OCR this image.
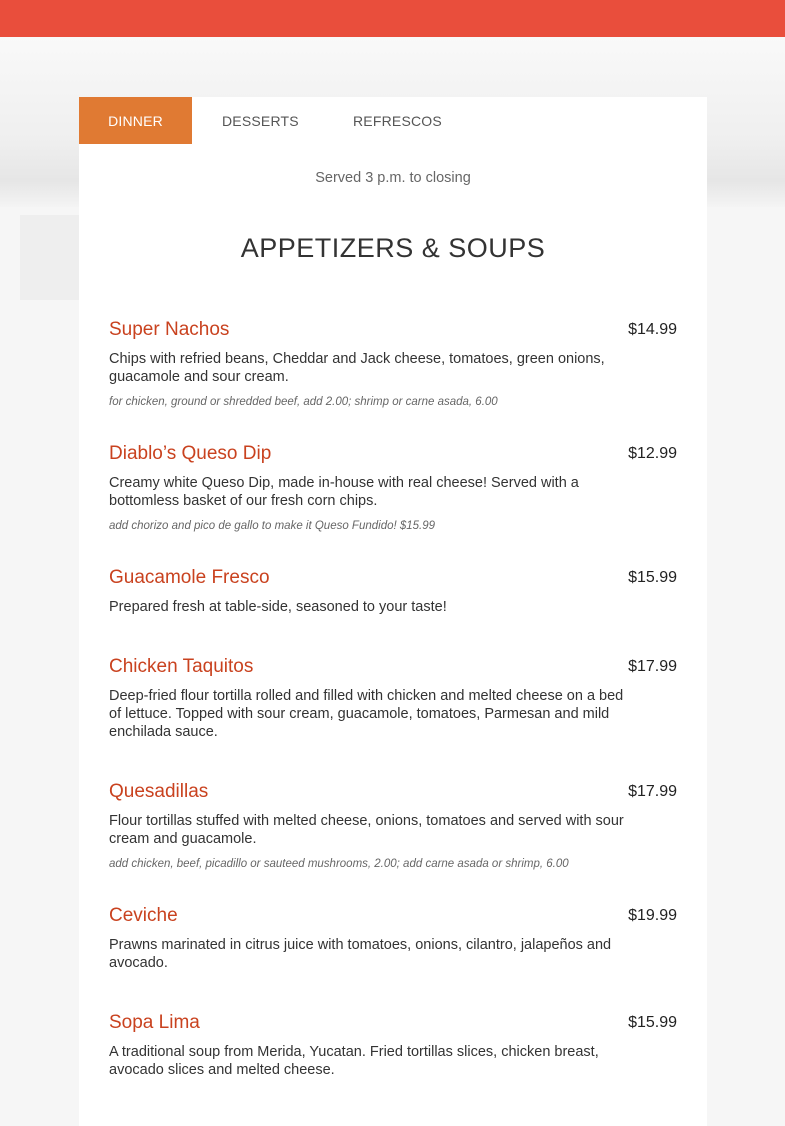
DINNER	DESSERTS	REFRESCOS
Served 3 p.m. to closing
APPETIZERS & SOUPS
Super Nachos	$14.99
Chips with refried beans, Cheddar and Jack cheese, tomatoes, green onions, guacamole and sour cream.
for chicken, ground or shredded beef, add 2.00; shrimp or carne asada, 6.00
Diablo’s Queso Dip	$12.99
Creamy white Queso Dip, made in-house with real cheese! Served with a bottomless basket of our fresh corn chips.
add chorizo and pico de gallo to make it Queso Fundido! $15.99
Guacamole Fresco	$15.99
Prepared fresh at table-side, seasoned to your taste!
Chicken Taquitos	$17.99
Deep-fried flour tortilla rolled and filled with chicken and melted cheese on a bed of lettuce. Topped with sour cream, guacamole, tomatoes, Parmesan and mild enchilada sauce.
Quesadillas	$17.99
Flour tortillas stuffed with melted cheese, onions, tomatoes and served with sour cream and guacamole.
add chicken, beef, picadillo or sauteed mushrooms, 2.00; add carne asada or shrimp, 6.00
Ceviche	$19.99
Prawns marinated in citrus juice with tomatoes, onions, cilantro, jalapeños and avocado.
Sopa Lima	$15.99
A traditional soup from Merida, Yucatan. Fried tortillas slices, chicken breast, avocado slices and melted cheese.
